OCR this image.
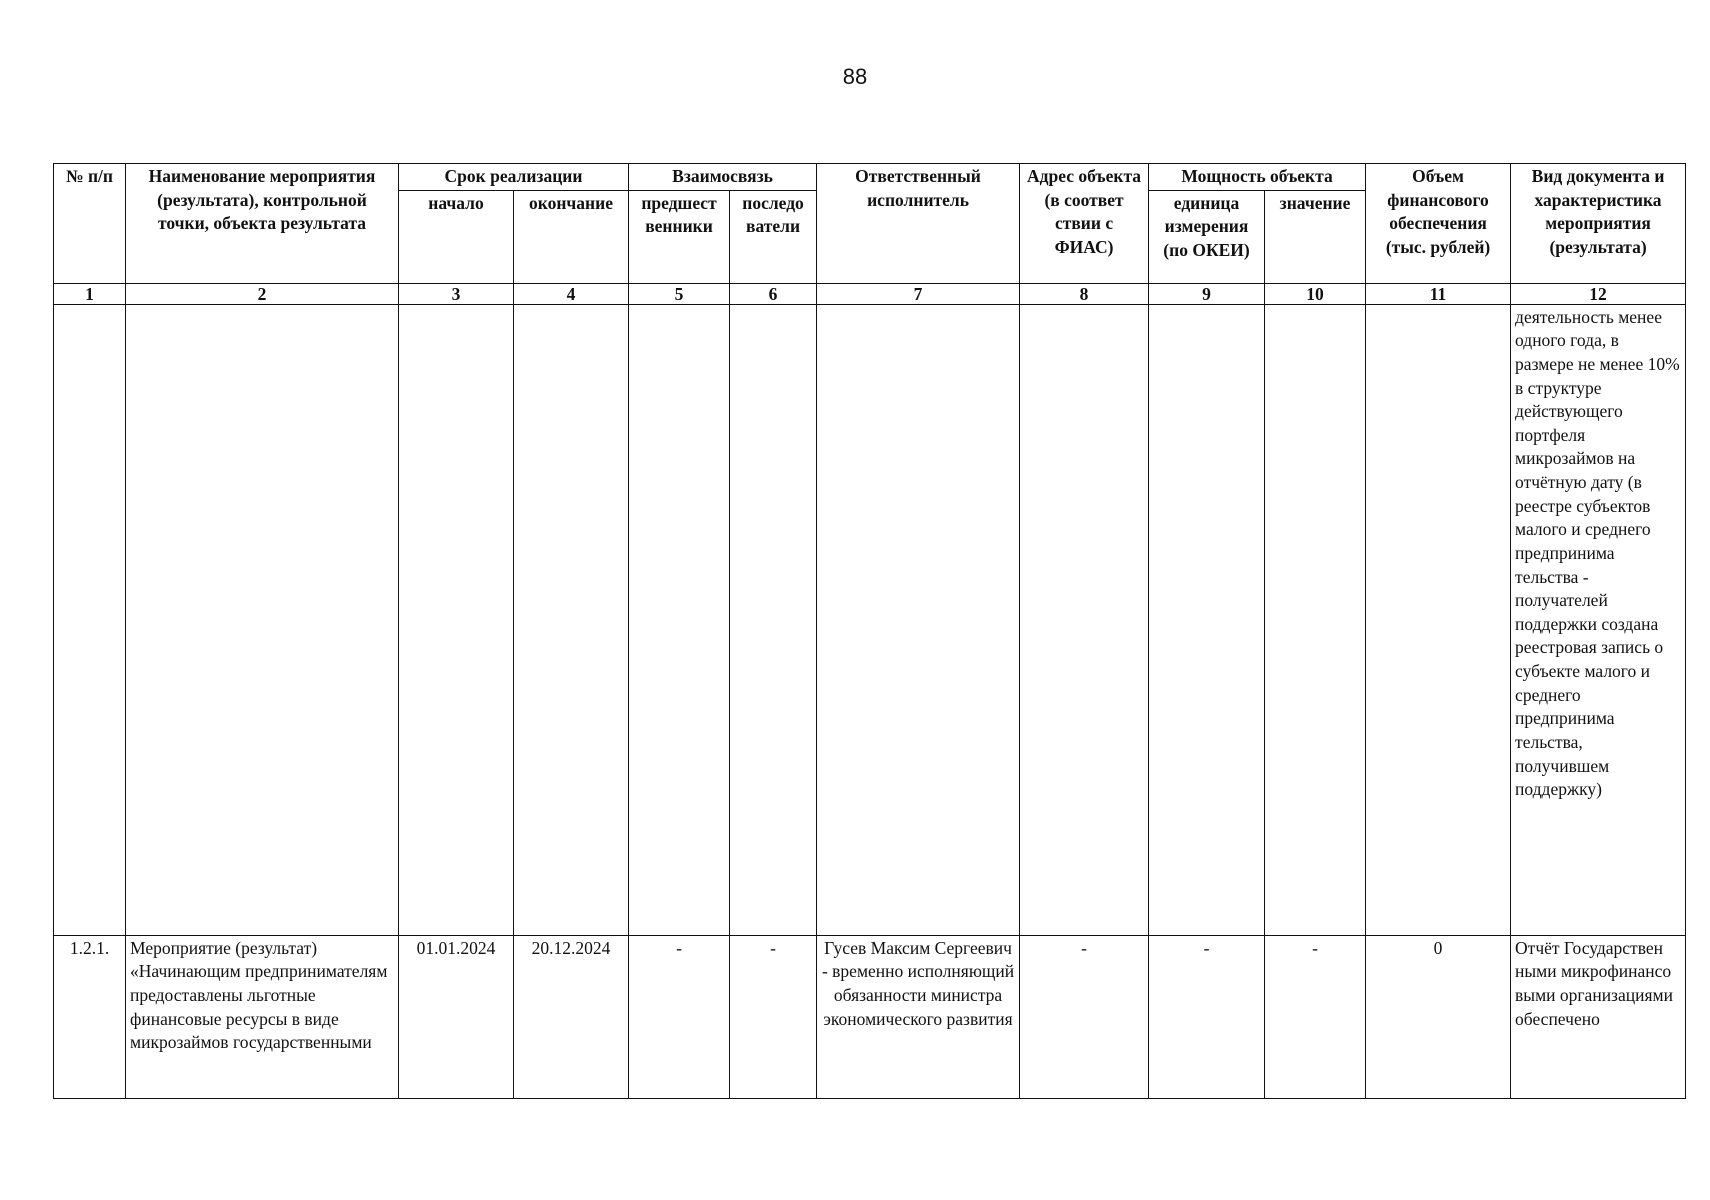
88
№ п/п	Наименование мероприятия (результата), контрольной точки, объекта результата	Срок реализации		Взаимосвязь		Ответственный исполнитель	Адрес объекта (в соответ ствии с ФИАС)	Мощность объекта		Объем финансового обеспечения (тыс. рублей)	Вид документа и характеристика мероприятия (результата)
		начало	окончание	предшест венники	последо ватели			единица измерения (по ОКЕИ)	значение		
1	2	3	4	5	6	7	8	9	10	11	12
											деятельность менее одного года, в размере не менее 10% в структуре действующего портфеля микрозаймов на отчётную дату (в реестре субъектов малого и среднего предпринима тельства - получателей поддержки создана реестровая запись о субъекте малого и среднего предпринима тельства, получившем поддержку)
1.2.1.	Мероприятие (результат) «Начинающим предпринимателям предоставлены льготные финансовые ресурсы в виде микрозаймов государственными	01.01.2024	20.12.2024	-	-	Гусев Максим Сергеевич - временно исполняющий обязанности министра экономического развития	-	-	-	0	Отчёт Государствен ными микрофинансо выми организациями обеспечено
